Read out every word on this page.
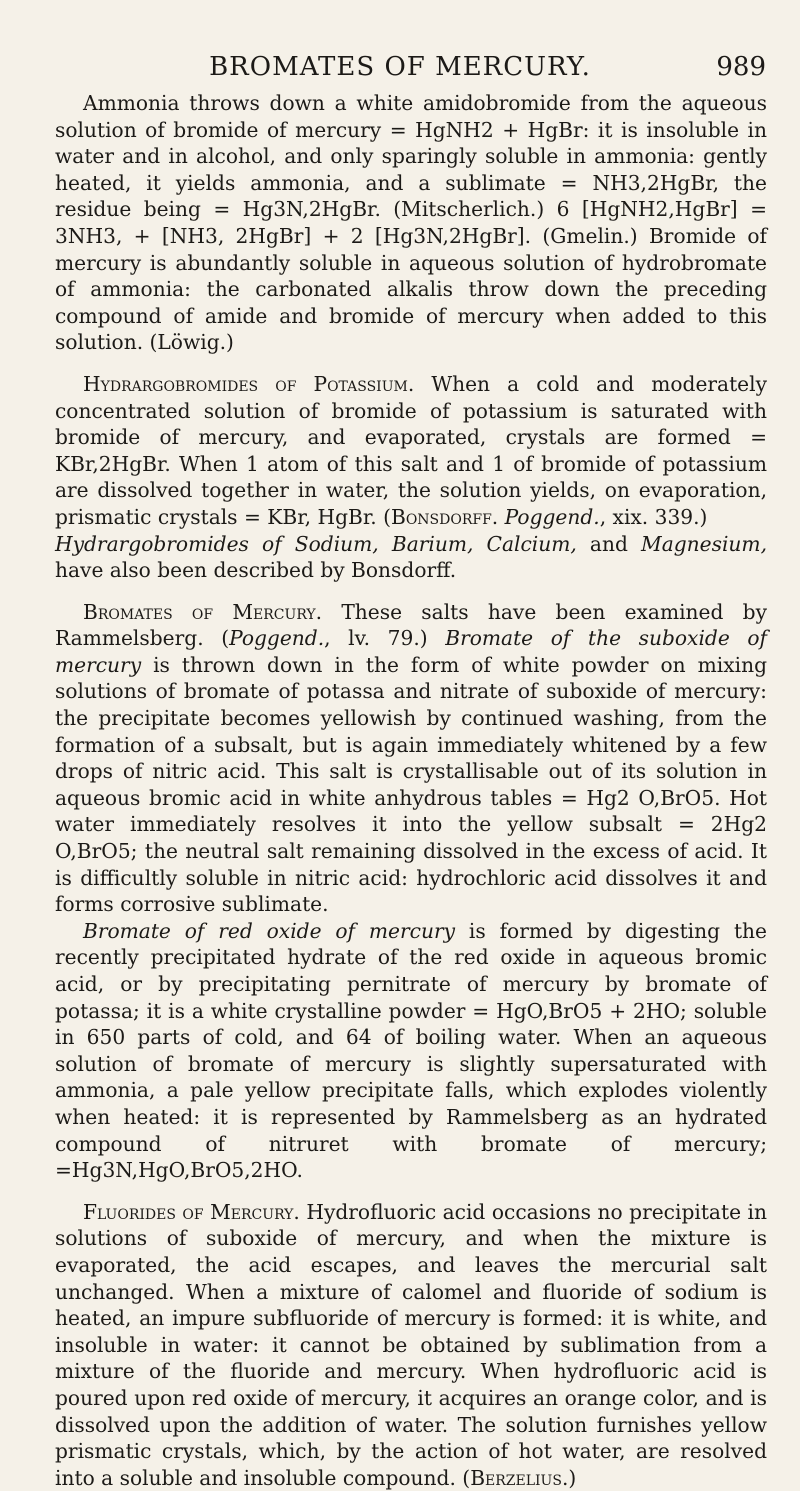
BROMATES OF MERCURY.	989

Ammonia throws down a white amidobromide from the aqueous solution of bromide of mercury = HgNH2 + HgBr: it is insoluble in water and in alcohol, and only sparingly soluble in ammonia: gently heated, it yields ammonia, and a sublimate = NH3,2HgBr, the residue being = Hg3N,2HgBr. (Mitscherlich.) 6 [HgNH2,HgBr] = 3NH3, + [NH3, 2HgBr] + 2 [Hg3N,2HgBr]. (Gmelin.) Bromide of mercury is abundantly soluble in aqueous solution of hydrobromate of ammonia: the carbonated alkalis throw down the preceding compound of amide and bromide of mercury when added to this solution. (Löwig.)

Hydrargobromides of Potassium. When a cold and moderately concentrated solution of bromide of potassium is saturated with bromide of mercury, and evaporated, crystals are formed = KBr,2HgBr. When 1 atom of this salt and 1 of bromide of potassium are dissolved together in water, the solution yields, on evaporation, prismatic crystals = KBr, HgBr. (Bonsdorff. Poggend., xix. 339.)
Hydrargobromides of Sodium, Barium, Calcium, and Magnesium, have also been described by Bonsdorff.

Bromates of Mercury. These salts have been examined by Rammelsberg. (Poggend., lv. 79.) Bromate of the suboxide of mercury is thrown down in the form of white powder on mixing solutions of bromate of potassa and nitrate of suboxide of mercury: the precipitate becomes yellowish by continued washing, from the formation of a subsalt, but is again immediately whitened by a few drops of nitric acid. This salt is crystallisable out of its solution in aqueous bromic acid in white anhydrous tables = Hg2 O,BrO5. Hot water immediately resolves it into the yellow subsalt = 2Hg2 O,BrO5; the neutral salt remaining dissolved in the excess of acid. It is difficultly soluble in nitric acid: hydrochloric acid dissolves it and forms corrosive sublimate.

Bromate of red oxide of mercury is formed by digesting the recently precipitated hydrate of the red oxide in aqueous bromic acid, or by precipitating pernitrate of mercury by bromate of potassa; it is a white crystalline powder = HgO,BrO5 + 2HO; soluble in 650 parts of cold, and 64 of boiling water. When an aqueous solution of bromate of mercury is slightly supersaturated with ammonia, a pale yellow precipitate falls, which explodes violently when heated: it is represented by Rammelsberg as an hydrated compound of nitruret with bromate of mercury; =Hg3N,HgO,BrO5,2HO.

Fluorides of Mercury. Hydrofluoric acid occasions no precipitate in solutions of suboxide of mercury, and when the mixture is evaporated, the acid escapes, and leaves the mercurial salt unchanged. When a mixture of calomel and fluoride of sodium is heated, an impure subfluoride of mercury is formed: it is white, and insoluble in water: it cannot be obtained by sublimation from a mixture of the fluoride and mercury. When hydrofluoric acid is poured upon red oxide of mercury, it acquires an orange color, and is dissolved upon the addition of water. The solution furnishes yellow prismatic crystals, which, by the action of hot water, are resolved into a soluble and insoluble compound. (Berzelius.)
